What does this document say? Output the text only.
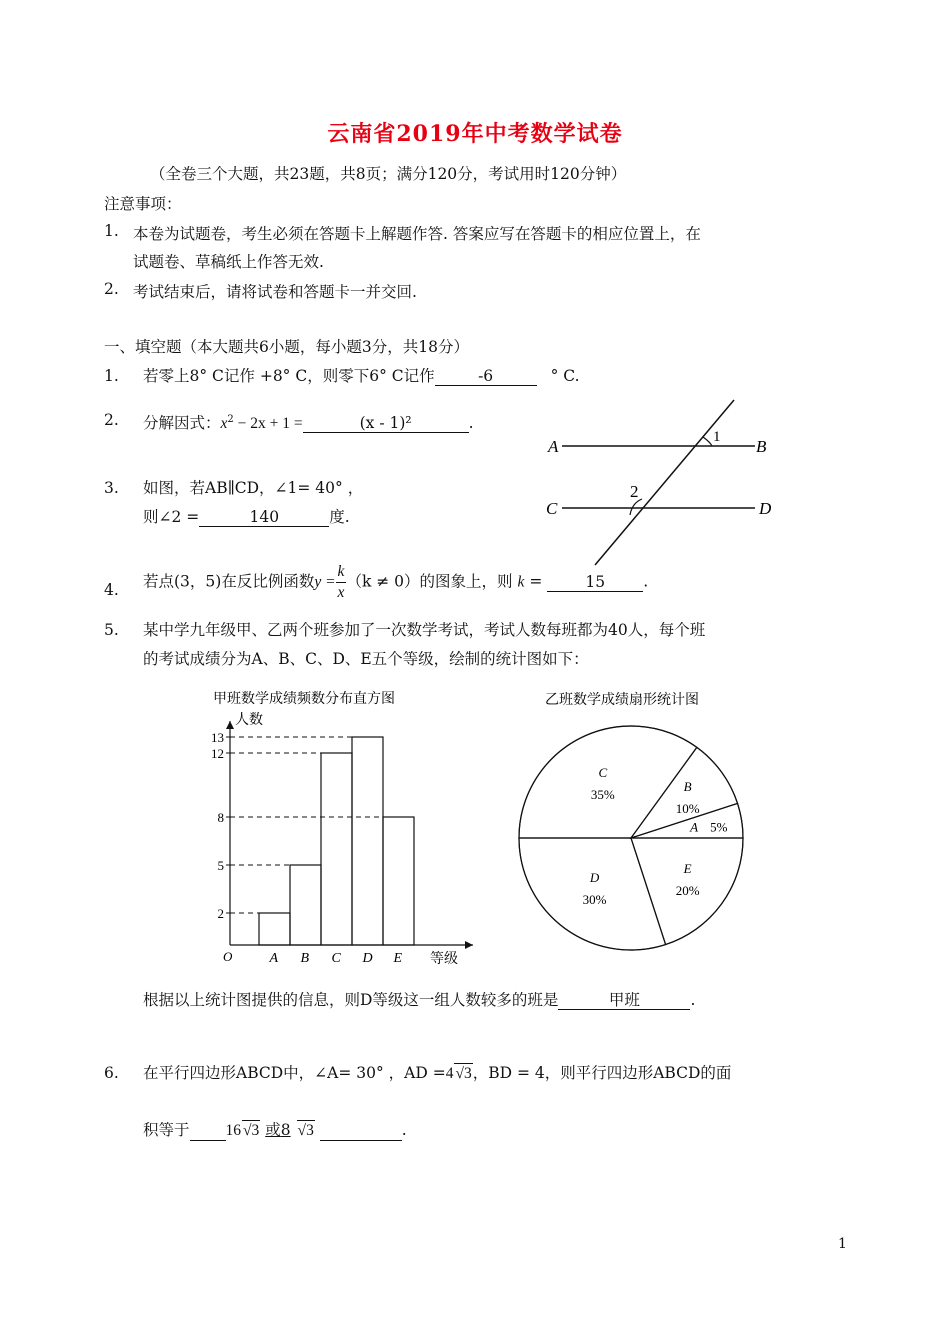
云南省2019年中考数学试卷
（全卷三个大题，共23题，共8页；满分120分，考试用时120分钟）
注意事项：
1. 本卷为试题卷，考生必须在答题卡上解题作答. 答案应写在答题卡的相应位置上，在
试题卷、草稿纸上作答无效.
2. 考试结束后，请将试卷和答题卡一并交回.
一、填空题（本大题共6小题，每小题3分，共18分）
1. 若零上8° C记作 +8° C，则零下6° C记作	-6	° C.
2. 分解因式：$x^2 - 2x + 1$ =	(x - 1)²	.
3. 如图，若AB∥CD，∠1= 40° ，
则∠2 =	140	度.
A	B
C	D
1
2
4. 若点(3，5)在反比例函数$y = \frac{k}{x} (k \ne 0)$的图象上，则 k =	15 .
5. 某中学九年级甲、乙两个班参加了一次数学考试，考试人数每班都为40人，每个班
的考试成绩分为A、B、C、D、E五个等级，绘制的统计图如下：
甲班数学成绩频数分布直方图
人数
O	等级
A B C D E
2
5
8
12
13
乙班数学成绩扇形统计图
C
35%
B
10%
A 5%
E
20%
D
30%
根据以上统计图提供的信息，则D等级这一组人数较多的班是	甲班	.
6. 在平行四边形ABCD中，∠A= 30° ，AD =4 √3，BD = 4，则平行四边形ABCD的面
积等于 16 √3 或8 √3	.
1
